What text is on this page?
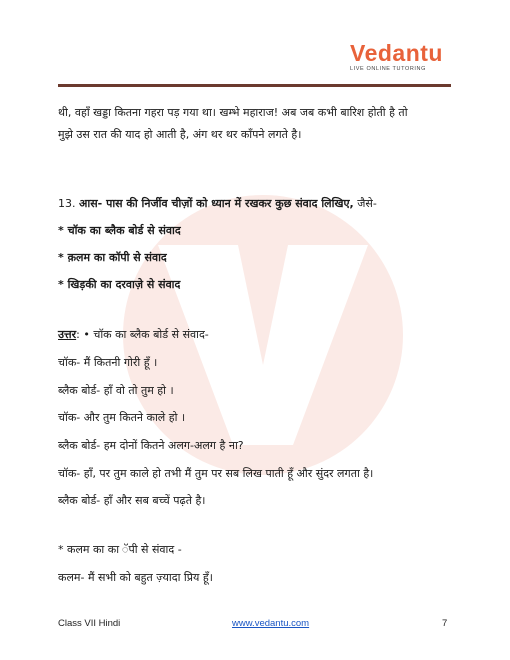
Vedantu
LIVE ONLINE TUTORING
थी, वहाँ खड्डा कितना गहरा पड़ गया था। खम्भे महाराज! अब जब कभी बारिश होती है तो
मुझे उस रात की याद हो आती है, अंग थर थर काँपने लगते है।
13. आस- पास की निर्जीव चीज़ों को ध्यान में रखकर कुछ संवाद लिखिए, जैसे-
* चॉक का ब्लैक बोर्ड से संवाद
* क़लम का कॉपी से संवाद
* खिड़की का दरवाज़े से संवाद
उत्तर: • चॉक का ब्लैक बोर्ड से संवाद-
चॉक- मैं कितनी गोरी हूँ ।
ब्लैक बोर्ड- हाँ वो तो तुम हो ।
चॉक- और तुम कितने काले हो ।
ब्लैक बोर्ड- हम दोनों कितने अलग-अलग है ना?
चॉक- हाँ, पर तुम काले हो तभी मैं तुम पर सब लिख पाती हूँ और सुंदर लगता है।
ब्लैक बोर्ड- हाँ और सब बच्चें पढ़ते है।
* कलम का का ॅपी से संवाद -
कलम- मैं सभी को बहुत ज़्यादा प्रिय हूँ।
Class VII Hindi	www.vedantu.com	7
